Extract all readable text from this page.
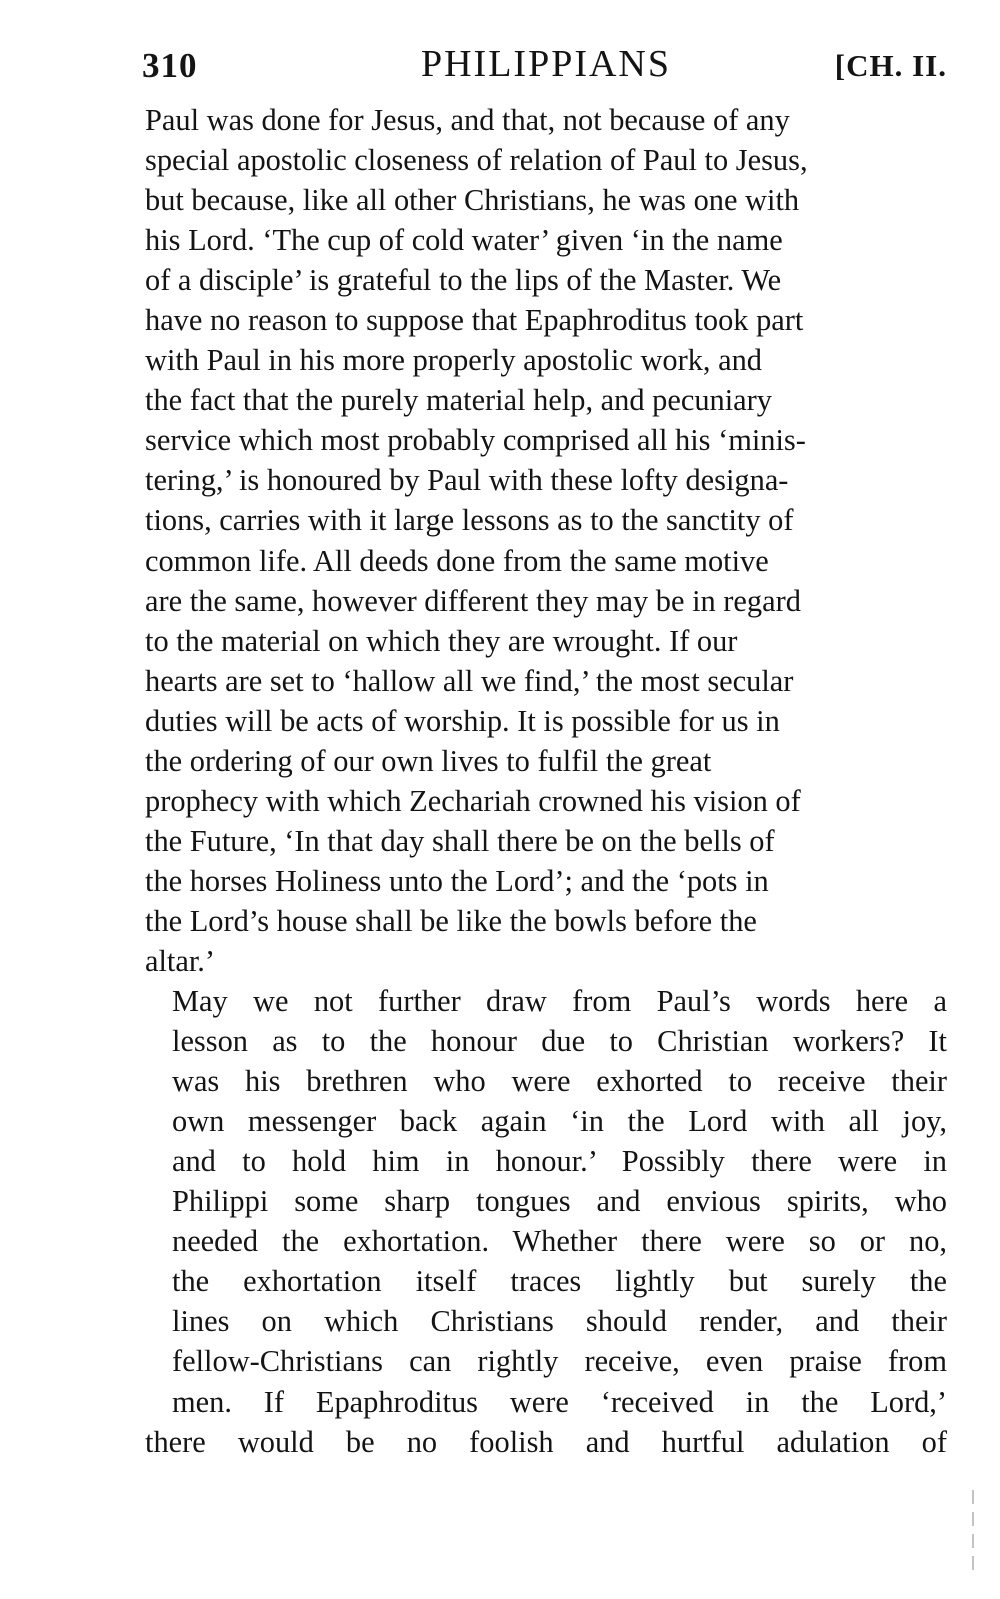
310	PHILIPPIANS	[CH. II.

Paul was done for Jesus, and that, not because of any
special apostolic closeness of relation of Paul to Jesus,
but because, like all other Christians, he was one with
his Lord. ‘The cup of cold water’ given ‘in the name
of a disciple’ is grateful to the lips of the Master. We
have no reason to suppose that Epaphroditus took part
with Paul in his more properly apostolic work, and
the fact that the purely material help, and pecuniary
service which most probably comprised all his ‘minis-
tering,’ is honoured by Paul with these lofty designa-
tions, carries with it large lessons as to the sanctity of
common life. All deeds done from the same motive
are the same, however different they may be in regard
to the material on which they are wrought. If our
hearts are set to ‘hallow all we find,’ the most secular
duties will be acts of worship. It is possible for us in
the ordering of our own lives to fulfil the great
prophecy with which Zechariah crowned his vision of
the Future, ‘In that day shall there be on the bells of
the horses Holiness unto the Lord’; and the ‘pots in
the Lord’s house shall be like the bowls before the
altar.’

May we not further draw from Paul’s words here a
lesson as to the honour due to Christian workers? It
was his brethren who were exhorted to receive their
own messenger back again ‘in the Lord with all joy,
and to hold him in honour.’ Possibly there were in
Philippi some sharp tongues and envious spirits, who
needed the exhortation. Whether there were so or no,
the exhortation itself traces lightly but surely the
lines on which Christians should render, and their
fellow-Christians can rightly receive, even praise from
men. If Epaphroditus were ‘received in the Lord,’
there would be no foolish and hurtful adulation of
